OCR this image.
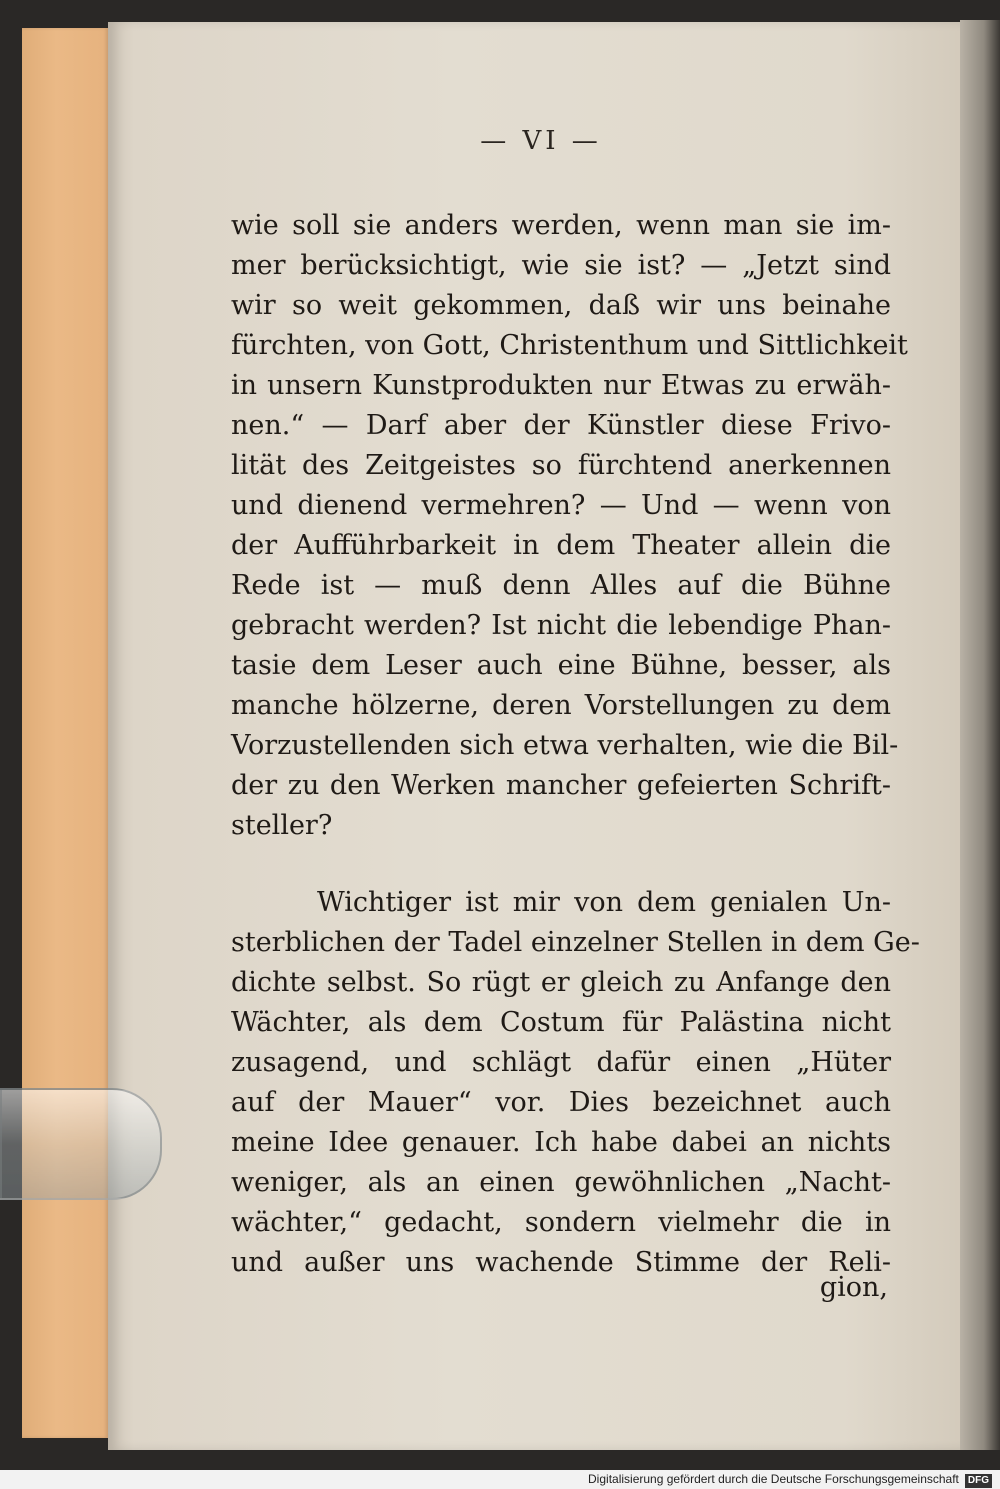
— VI —
wie soll sie anders werden, wenn man sie im-
mer berücksichtigt, wie sie ist? — „Jetzt sind
wir so weit gekommen, daß wir uns beinahe
fürchten, von Gott, Christenthum und Sittlichkeit
in unsern Kunstprodukten nur Etwas zu erwäh-
nen.“ — Darf aber der Künstler diese Frivo-
lität des Zeitgeistes so fürchtend anerkennen
und dienend vermehren? — Und — wenn von
der Aufführbarkeit in dem Theater allein die
Rede ist — muß denn Alles auf die Bühne
gebracht werden? Ist nicht die lebendige Phan-
tasie dem Leser auch eine Bühne, besser, als
manche hölzerne, deren Vorstellungen zu dem
Vorzustellenden sich etwa verhalten, wie die Bil-
der zu den Werken mancher gefeierten Schrift-
steller?
Wichtiger ist mir von dem genialen Un-
sterblichen der Tadel einzelner Stellen in dem Ge-
dichte selbst. So rügt er gleich zu Anfange den
Wächter, als dem Costum für Palästina nicht
zusagend, und schlägt dafür einen „Hüter
auf der Mauer“ vor. Dies bezeichnet auch
meine Idee genauer. Ich habe dabei an nichts
weniger, als an einen gewöhnlichen „Nacht-
wächter,“ gedacht, sondern vielmehr die in
und außer uns wachende Stimme der Reli-
gion,
Digitalisierung gefördert durch die Deutsche Forschungsgemeinschaft DFG
